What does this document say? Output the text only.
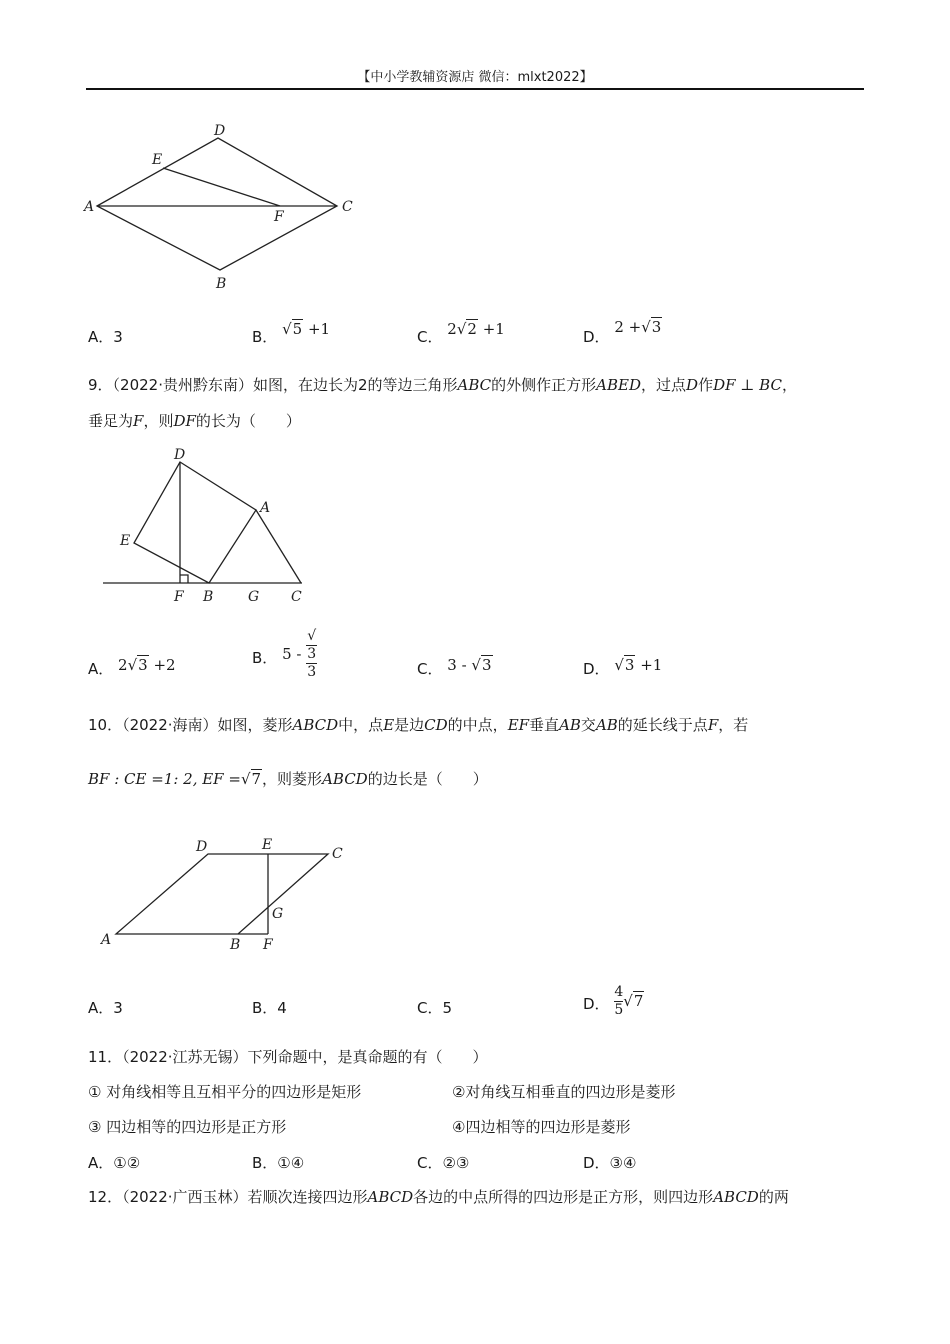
【中小学教辅资源店 微信：mlxt2022】
A
B
C
D
E
F
A．3	B． √5 +1	C． 2√2 +1	D． 2 +√3
9．（2022·贵州黔东南）如图，在边长为2的等边三角形ABC的外侧作正方形ABED，过点D作DF ⊥ BC，
垂足为F，则DF的长为（　　）
D
A
E
F B G C
A． 2√3 +2	B． 5 - √
3
3	C． 3 - √3	D． √3 +1
10．（2022·海南）如图，菱形ABCD中，点E是边CD的中点，EF垂直AB交AB的延长线于点F，若
BF : CE =1: 2, EF =√7，则菱形ABCD的边长是（　　）
D	E
C
G
A	B F
A．3	B．4	C．5	D． $\frac{4}{5} √7$
11．（2022·江苏无锡）下列命题中，是真命题的有（　　）
① 对角线相等且互相平分的四边形是矩形	②对角线互相垂直的四边形是菱形
③ 四边相等的四边形是正方形	④四边相等的四边形是菱形
A．①②	B．①④	C．②③	D．③④
12．（2022·广西玉林）若顺次连接四边形ABCD各边的中点所得的四边形是正方形，则四边形ABCD的两
